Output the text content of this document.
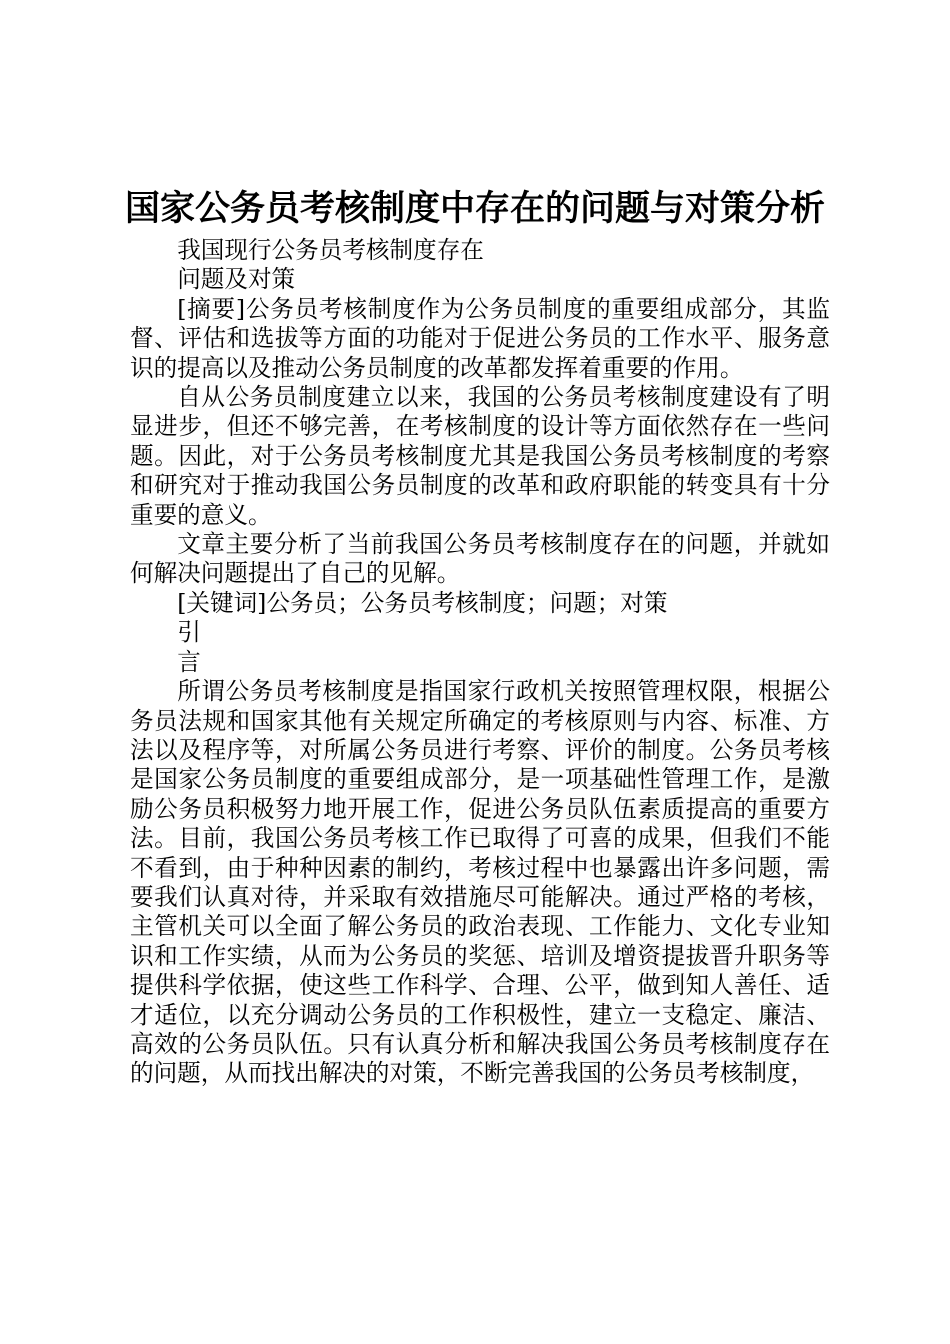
国家公务员考核制度中存在的问题与对策分析

我国现行公务员考核制度存在

问题及对策

[摘要]公务员考核制度作为公务员制度的重要组成部分，其监督、评估和选拔等方面的功能对于促进公务员的工作水平、服务意识的提高以及推动公务员制度的改革都发挥着重要的作用。

自从公务员制度建立以来，我国的公务员考核制度建设有了明显进步，但还不够完善，在考核制度的设计等方面依然存在一些问题。因此，对于公务员考核制度尤其是我国公务员考核制度的考察和研究对于推动我国公务员制度的改革和政府职能的转变具有十分重要的意义。

文章主要分析了当前我国公务员考核制度存在的问题，并就如何解决问题提出了自己的见解。

[关键词]公务员；公务员考核制度；问题；对策

引

言

所谓公务员考核制度是指国家行政机关按照管理权限，根据公务员法规和国家其他有关规定所确定的考核原则与内容、标准、方法以及程序等，对所属公务员进行考察、评价的制度。公务员考核是国家公务员制度的重要组成部分，是一项基础性管理工作，是激励公务员积极努力地开展工作，促进公务员队伍素质提高的重要方法。目前，我国公务员考核工作已取得了可喜的成果，但我们不能不看到，由于种种因素的制约，考核过程中也暴露出许多问题，需要我们认真对待，并采取有效措施尽可能解决。通过严格的考核，主管机关可以全面了解公务员的政治表现、工作能力、文化专业知识和工作实绩，从而为公务员的奖惩、培训及增资提拔晋升职务等提供科学依据，使这些工作科学、合理、公平，做到知人善任、适才适位，以充分调动公务员的工作积极性，建立一支稳定、廉洁、高效的公务员队伍。只有认真分析和解决我国公务员考核制度存在的问题，从而找出解决的对策，不断完善我国的公务员考核制度，
